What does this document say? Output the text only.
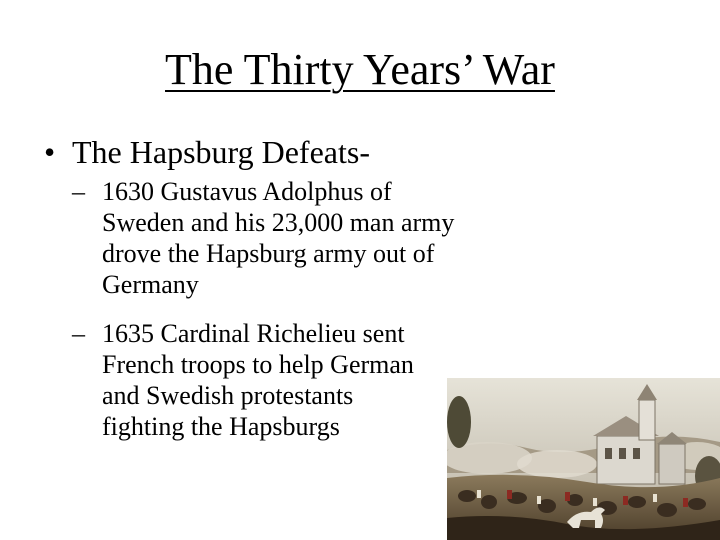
The Thirty Years’ War
• The Hapsburg Defeats-
– 1630 Gustavus Adolphus of
Sweden and his 23,000 man army
drove the Hapsburg army out of
Germany
– 1635 Cardinal Richelieu sent
French troops to help German
and Swedish protestants
fighting the Hapsburgs
